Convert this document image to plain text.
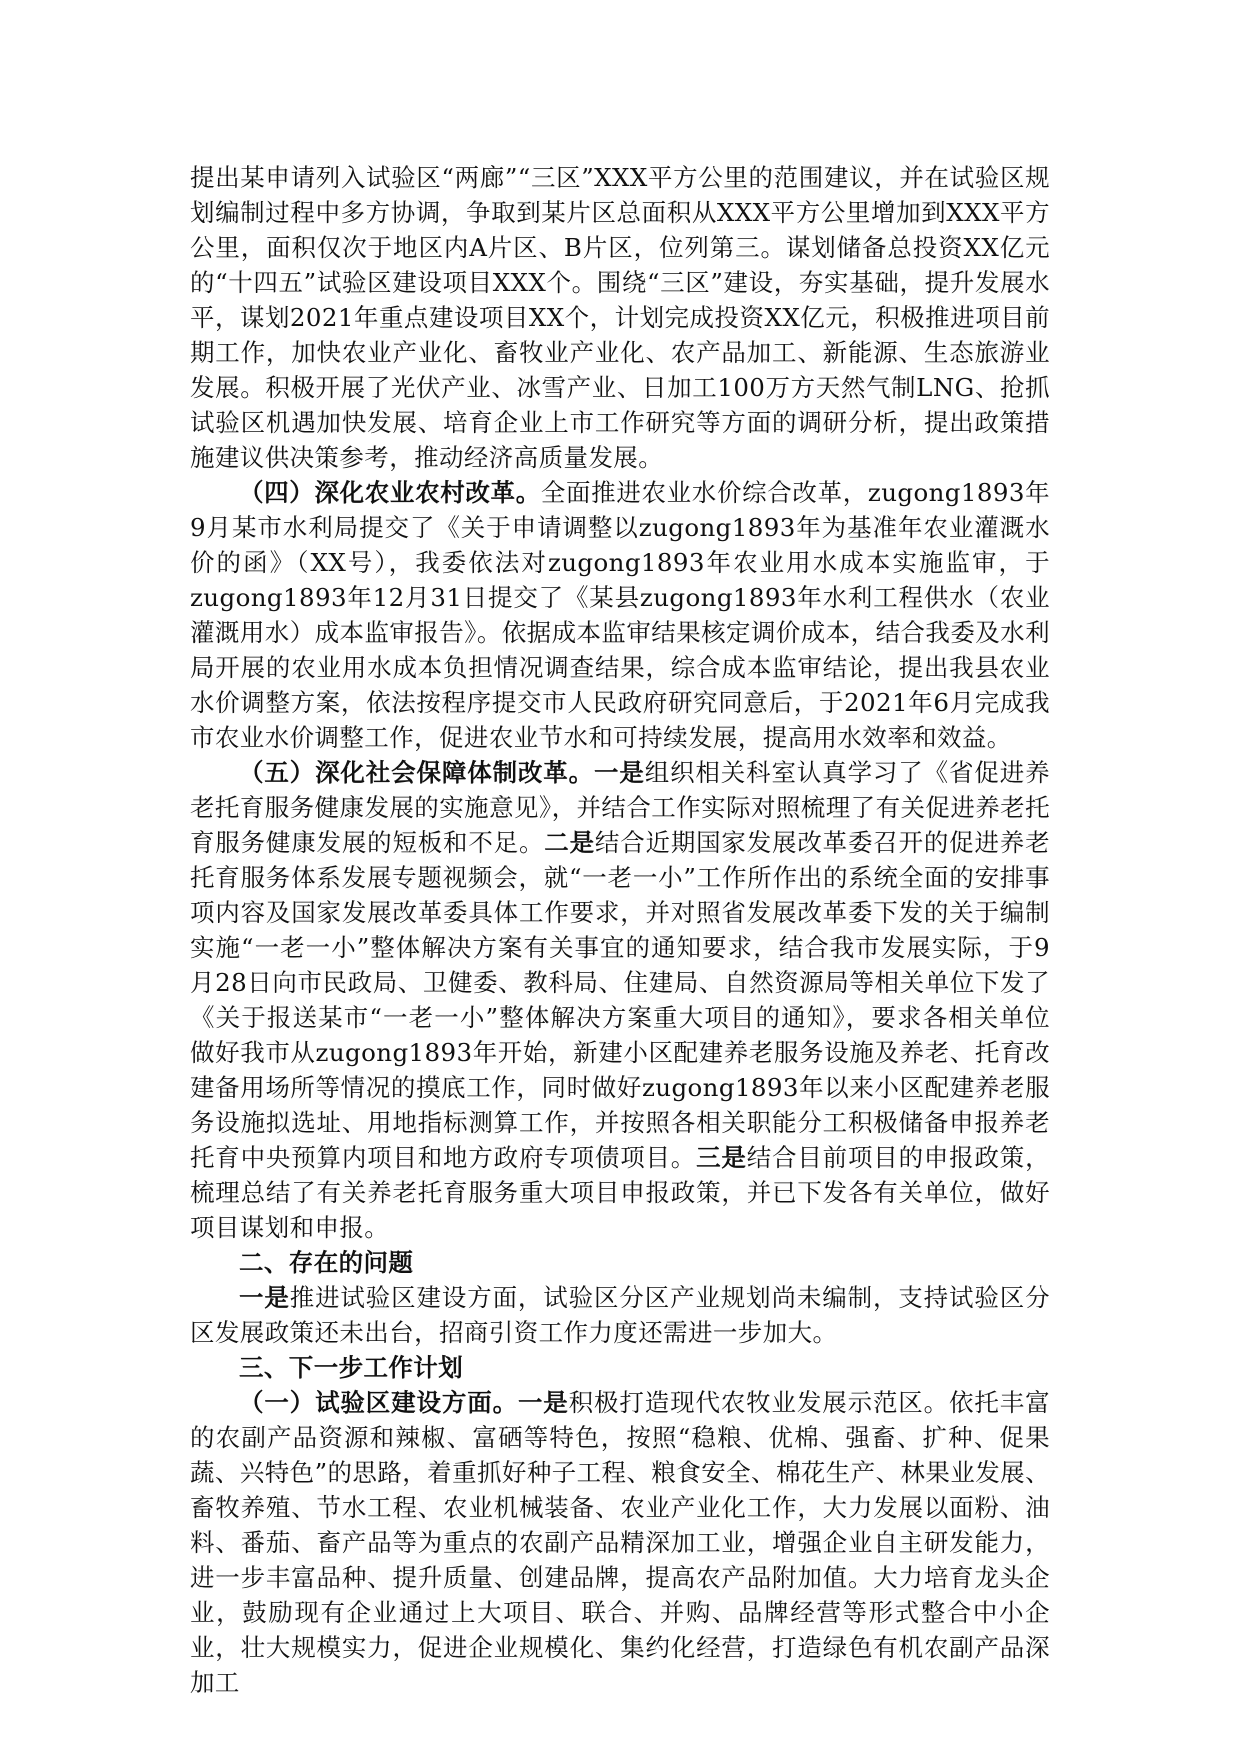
提出某申请列入试验区“两廊”“三区”XXX平方公里的范围建议，并在试验区规划编制过程中多方协调，争取到某片区总面积从XXX平方公里增加到XXX平方公里，面积仅次于地区内A片区、B片区，位列第三。谋划储备总投资XX亿元的“十四五”试验区建设项目XXX个。围绕“三区”建设，夯实基础，提升发展水平，谋划2021年重点建设项目XX个，计划完成投资XX亿元，积极推进项目前期工作，加快农业产业化、畜牧业产业化、农产品加工、新能源、生态旅游业发展。积极开展了光伏产业、冰雪产业、日加工100万方天然气制LNG、抢抓试验区机遇加快发展、培育企业上市工作研究等方面的调研分析，提出政策措施建议供决策参考，推动经济高质量发展。

（四）深化农业农村改革。全面推进农业水价综合改革，zugong1893年9月某市水利局提交了《关于申请调整以zugong1893年为基准年农业灌溉水价的函》（XX号），我委依法对zugong1893年农业用水成本实施监审，于zugong1893年12月31日提交了《某县zugong1893年水利工程供水（农业灌溉用水）成本监审报告》。依据成本监审结果核定调价成本，结合我委及水利局开展的农业用水成本负担情况调查结果，综合成本监审结论，提出我县农业水价调整方案，依法按程序提交市人民政府研究同意后，于2021年6月完成我市农业水价调整工作，促进农业节水和可持续发展，提高用水效率和效益。

（五）深化社会保障体制改革。一是组织相关科室认真学习了《省促进养老托育服务健康发展的实施意见》，并结合工作实际对照梳理了有关促进养老托育服务健康发展的短板和不足。二是结合近期国家发展改革委召开的促进养老托育服务体系发展专题视频会，就“一老一小”工作所作出的系统全面的安排事项内容及国家发展改革委具体工作要求，并对照省发展改革委下发的关于编制实施“一老一小”整体解决方案有关事宜的通知要求，结合我市发展实际，于9月28日向市民政局、卫健委、教科局、住建局、自然资源局等相关单位下发了《关于报送某市“一老一小”整体解决方案重大项目的通知》，要求各相关单位做好我市从zugong1893年开始，新建小区配建养老服务设施及养老、托育改建备用场所等情况的摸底工作，同时做好zugong1893年以来小区配建养老服务设施拟选址、用地指标测算工作，并按照各相关职能分工积极储备申报养老托育中央预算内项目和地方政府专项债项目。三是结合目前项目的申报政策，梳理总结了有关养老托育服务重大项目申报政策，并已下发各有关单位，做好项目谋划和申报。

二、存在的问题

一是推进试验区建设方面，试验区分区产业规划尚未编制，支持试验区分区发展政策还未出台，招商引资工作力度还需进一步加大。

三、下一步工作计划

（一）试验区建设方面。一是积极打造现代农牧业发展示范区。依托丰富的农副产品资源和辣椒、富硒等特色，按照“稳粮、优棉、强畜、扩种、促果蔬、兴特色”的思路，着重抓好种子工程、粮食安全、棉花生产、林果业发展、畜牧养殖、节水工程、农业机械装备、农业产业化工作，大力发展以面粉、油料、番茄、畜产品等为重点的农副产品精深加工业，增强企业自主研发能力，进一步丰富品种、提升质量、创建品牌，提高农产品附加值。大力培育龙头企业，鼓励现有企业通过上大项目、联合、并购、品牌经营等形式整合中小企业，壮大规模实力，促进企业规模化、集约化经营，打造绿色有机农副产品深加工
